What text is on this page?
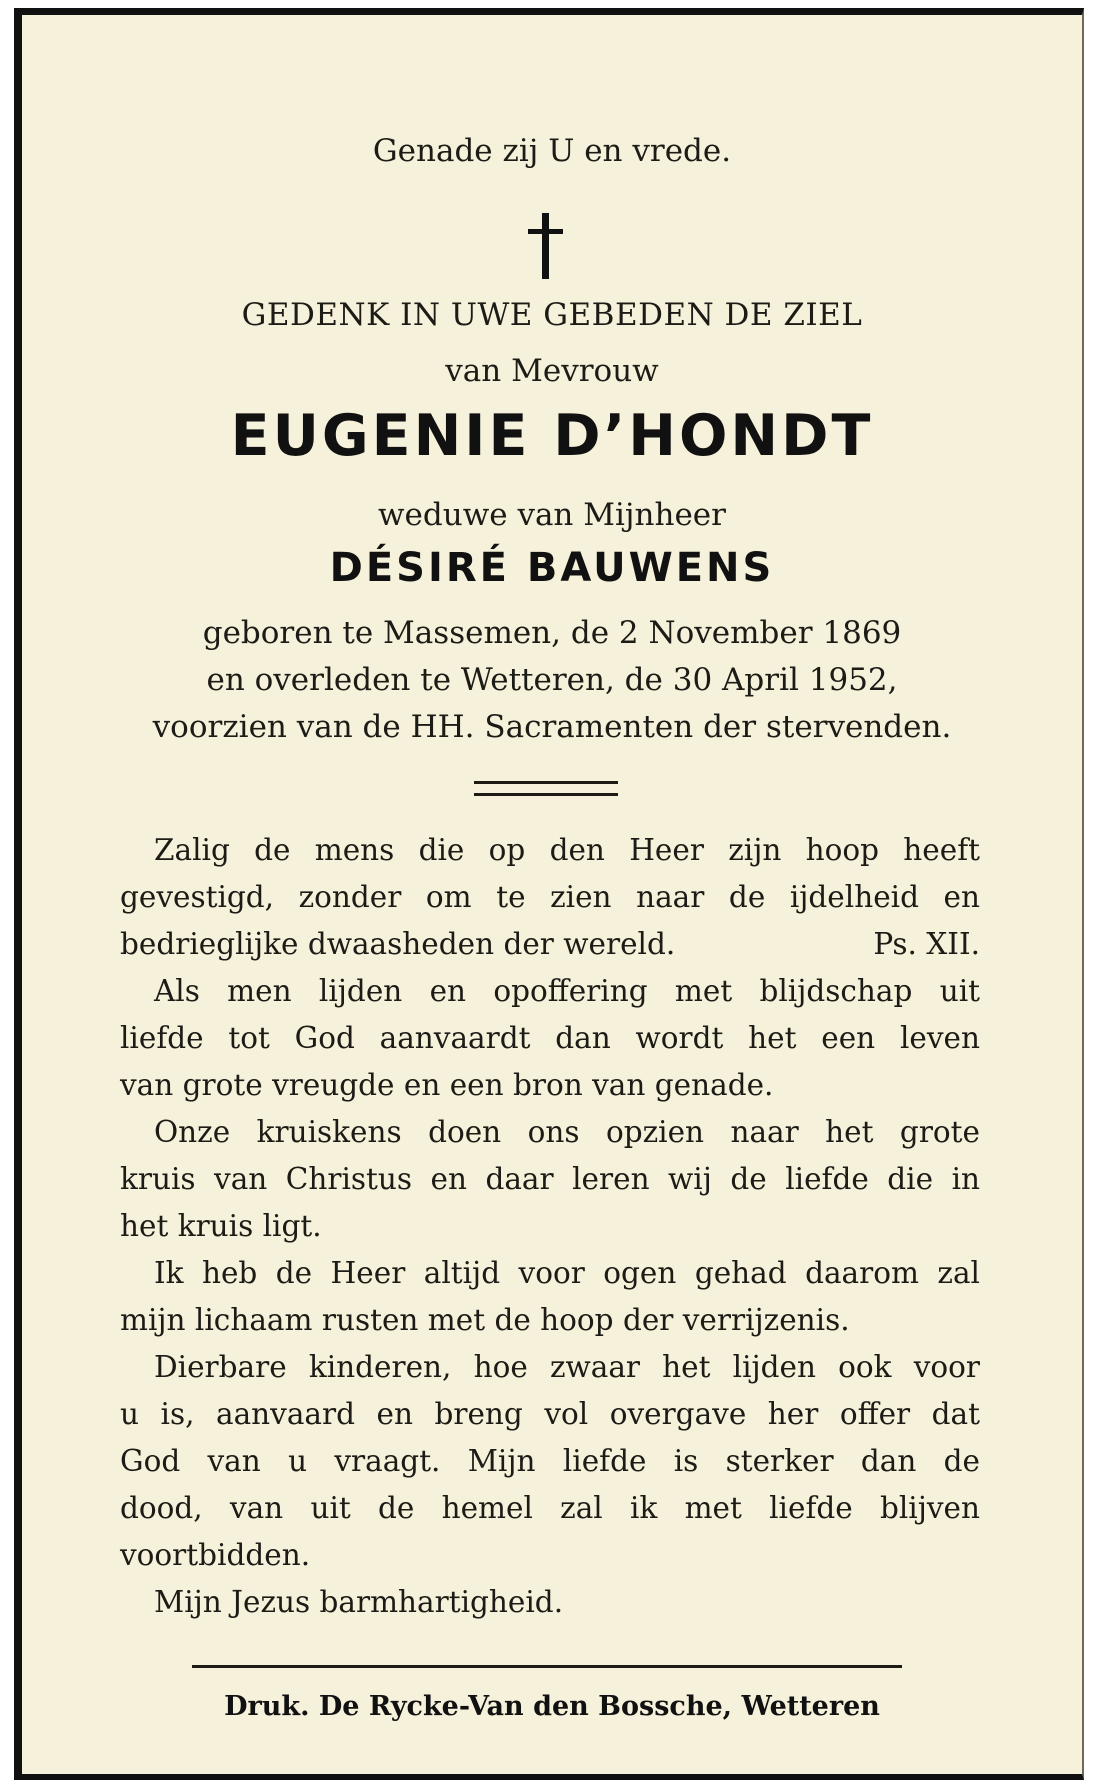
Genade zij U en vrede.
GEDENK IN UWE GEBEDEN DE ZIEL
van Mevrouw
EUGENIE D’HONDT
weduwe van Mijnheer
DÉSIRÉ BAUWENS
geboren te Massemen, de 2 November 1869
en overleden te Wetteren, de 30 April 1952,
voorzien van de HH. Sacramenten der stervenden.

Zalig de mens die op den Heer zijn hoop heeft

gevestigd, zonder om te zien naar de ijdelheid en

bedrieglijke dwaasheden der wereld.	Ps. XII.

Als men lijden en opoffering met blijdschap uit

liefde tot God aanvaardt dan wordt het een leven

van grote vreugde en een bron van genade.

Onze kruiskens doen ons opzien naar het grote

kruis van Christus en daar leren wij de liefde die in

het kruis ligt.

Ik heb de Heer altijd voor ogen gehad daarom zal

mijn lichaam rusten met de hoop der verrijzenis.

Dierbare kinderen, hoe zwaar het lijden ook voor

u is, aanvaard en breng vol overgave her offer dat

God van u vraagt. Mijn liefde is sterker dan de

dood, van uit de hemel zal ik met liefde blijven

voortbidden.

Mijn Jezus barmhartigheid.

Druk. De Rycke-Van den Bossche, Wetteren
